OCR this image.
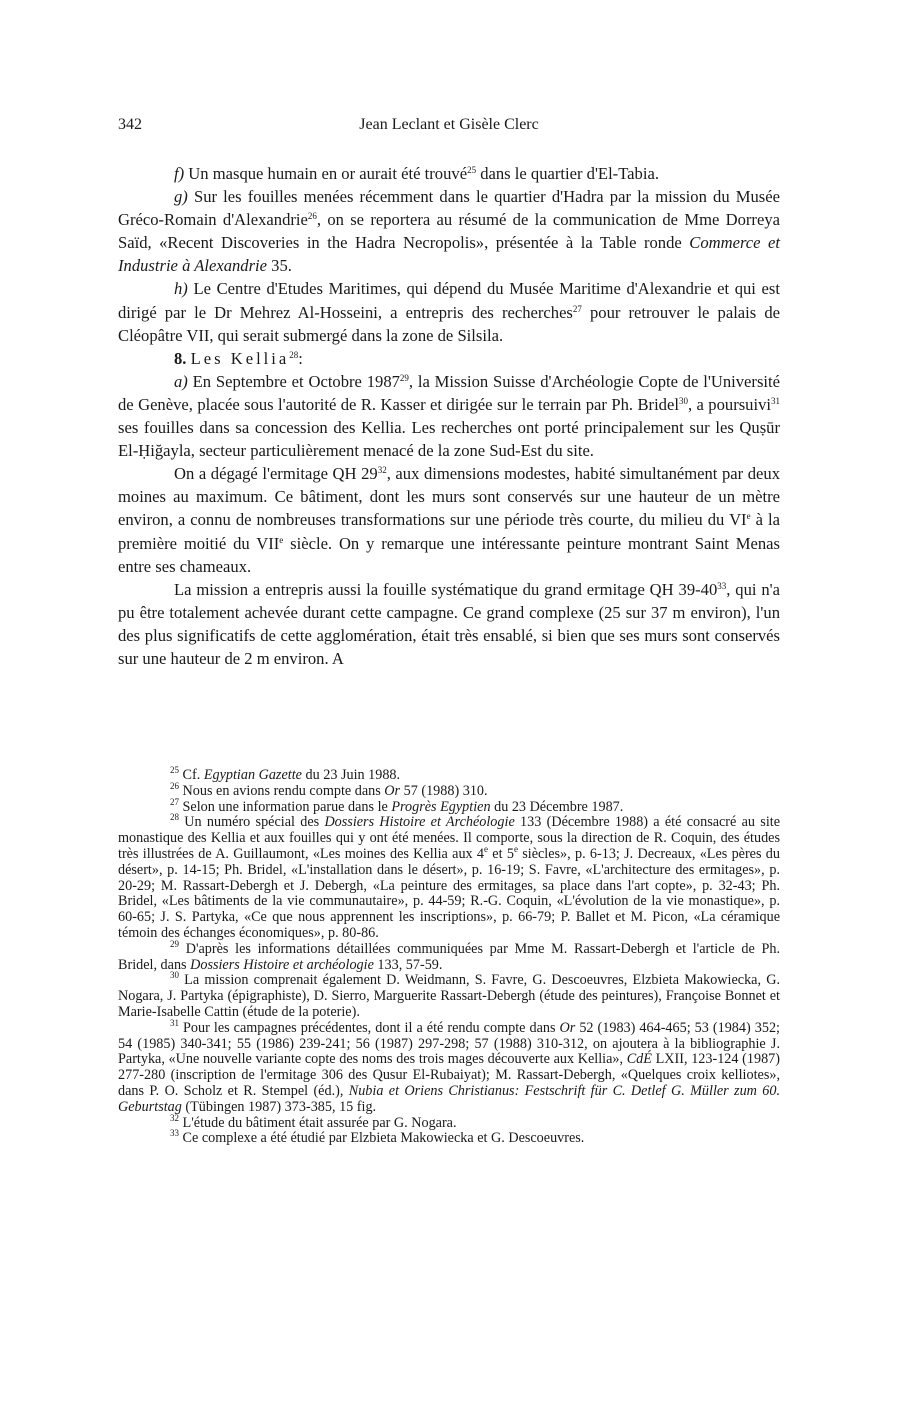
342	Jean Leclant et Gisèle Clerc

f) Un masque humain en or aurait été trouvé$^{25}$ dans le quartier d'El-Tabia.

g) Sur les fouilles menées récemment dans le quartier d'Hadra par la mission du Musée Gréco-Romain d'Alexandrie$^{26}$, on se reportera au résumé de la communication de Mme Dorreya Saïd, «Recent Discoveries in the Hadra Necropolis», présentée à la Table ronde Commerce et Industrie à Alexandrie 35.

h) Le Centre d'Etudes Maritimes, qui dépend du Musée Maritime d'Alexandrie et qui est dirigé par le Dr Mehrez Al-Hosseini, a entrepris des recherches$^{27}$ pour retrouver le palais de Cléopâtre VII, qui serait submergé dans la zone de Silsila.

8. Les Kellia$^{28}$:

a) En Septembre et Octobre 1987$^{29}$, la Mission Suisse d'Archéologie Copte de l'Université de Genève, placée sous l'autorité de R. Kasser et dirigée sur le terrain par Ph. Bridel$^{30}$, a poursuivi$^{31}$ ses fouilles dans sa concession des Kellia. Les recherches ont porté principalement sur les Quṣūr El-Ḥiğayla, secteur particulièrement menacé de la zone Sud-Est du site.

On a dégagé l'ermitage QH $29^{32}$, aux dimensions modestes, habité simultanément par deux moines au maximum. Ce bâtiment, dont les murs sont conservés sur une hauteur de un mètre environ, a connu de nombreuses transformations sur une période très courte, du milieu du VIe à la première moitié du VIIe siècle. On y remarque une intéressante peinture montrant Saint Menas entre ses chameaux.

La mission a entrepris aussi la fouille systématique du grand ermitage QH $39-40^{33}$, qui n'a pu être totalement achevée durant cette campagne. Ce grand complexe (25 sur 37 m environ), l'un des plus significatifs de cette agglomération, était très ensablé, si bien que ses murs sont conservés sur une hauteur de 2 m environ. A

$^{25}$ Cf. Egyptian Gazette du 23 Juin 1988.

$^{26}$ Nous en avions rendu compte dans Or 57 (1988) 310.

$^{27}$ Selon une information parue dans le Progrès Egyptien du 23 Décembre 1987.

$^{28}$ Un numéro spécial des Dossiers Histoire et Archéologie 133 (Décembre 1988) a été consacré au site monastique des Kellia et aux fouilles qui y ont été menées. Il comporte, sous la direction de R. Coquin, des études très illustrées de A. Guillaumont, «Les moines des Kellia aux 4e et 5e siècles», p. 6-13; J. Decreaux, «Les pères du désert», p. 14-15; Ph. Bridel, «L'installation dans le désert», p. 16-19; S. Favre, «L'architecture des ermitages», p. 20-29; M. Rassart-Debergh et J. Debergh, «La peinture des ermitages, sa place dans l'art copte», p. 32-43; Ph. Bridel, «Les bâtiments de la vie communautaire», p. 44-59; R.-G. Coquin, «L'évolution de la vie monastique», p. 60-65; J. S. Partyka, «Ce que nous apprennent les inscriptions», p. 66-79; P. Ballet et M. Picon, «La céramique témoin des échanges économiques», p. 80-86.

$^{29}$ D'après les informations détaillées communiquées par Mme M. Rassart-Debergh et l'article de Ph. Bridel, dans Dossiers Histoire et archéologie 133, 57-59.

$^{30}$ La mission comprenait également D. Weidmann, S. Favre, G. Descoeuvres, Elzbieta Makowiecka, G. Nogara, J. Partyka (épigraphiste), D. Sierro, Marguerite Rassart-Debergh (étude des peintures), Françoise Bonnet et Marie-Isabelle Cattin (étude de la poterie).

$^{31}$ Pour les campagnes précédentes, dont il a été rendu compte dans Or 52 (1983) 464-465; 53 (1984) 352; 54 (1985) 340-341; 55 (1986) 239-241; 56 (1987) 297-298; 57 (1988) 310-312, on ajoutera à la bibliographie J. Partyka, «Une nouvelle variante copte des noms des trois mages découverte aux Kellia», CdÉ LXII, 123-124 (1987) 277-280 (inscription de l'ermitage 306 des Qusur El-Rubaiyat); M. Rassart-Debergh, «Quelques croix kelliotes», dans P. O. Scholz et R. Stempel (éd.), Nubia et Oriens Christianus: Festschrift für C. Detlef G. Müller zum 60. Geburtstag (Tübingen 1987) 373-385, 15 fig.

$^{32}$ L'étude du bâtiment était assurée par G. Nogara.

$^{33}$ Ce complexe a été étudié par Elzbieta Makowiecka et G. Descoeuvres.
